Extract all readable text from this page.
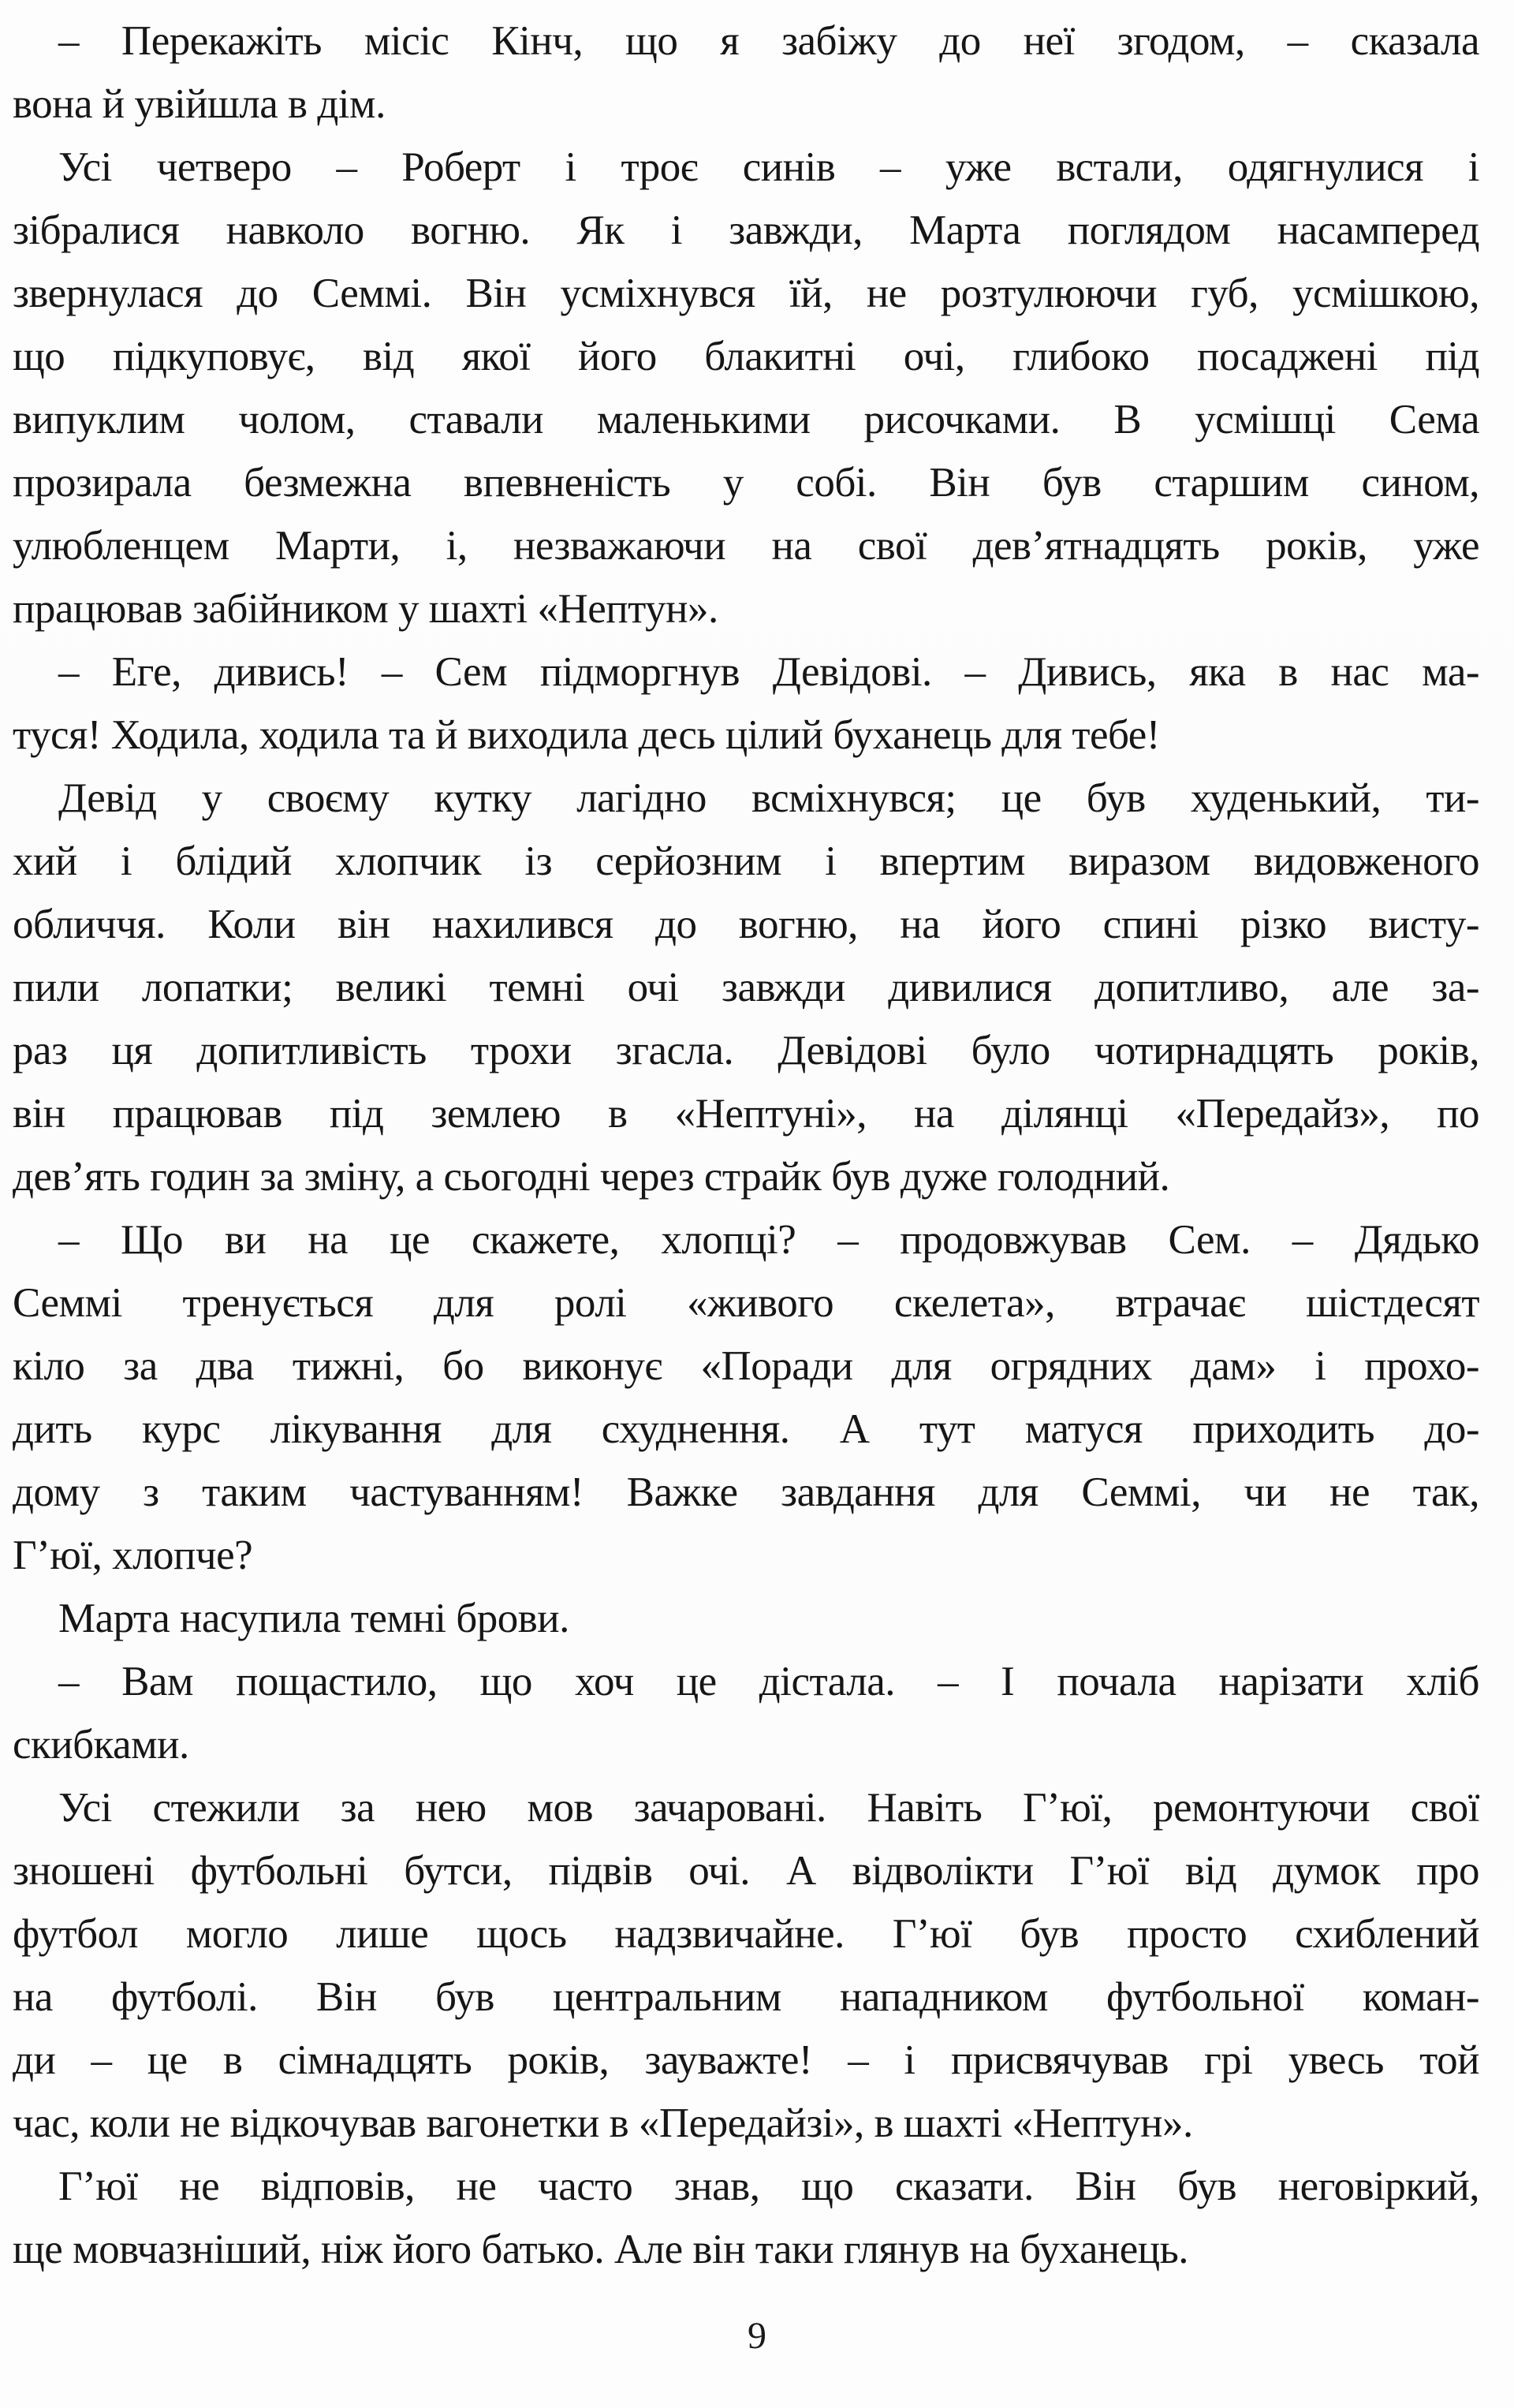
– Перекажіть місіс Кінч, що я забіжу до неї згодом, – сказала
вона й увійшла в дім.
Усі четверо – Роберт і троє синів – уже встали, одягнулися і
зібралися навколо вогню. Як і завжди, Марта поглядом насамперед
звернулася до Семмі. Він усміхнувся їй, не розтулюючи губ, усмішкою,
що підкуповує, від якої його блакитні очі, глибоко посаджені під
випуклим чолом, ставали маленькими рисочками. В усмішці Сема
прозирала безмежна впевненість у собі. Він був старшим сином,
улюбленцем Марти, і, незважаючи на свої дев’ятнадцять років, уже
працював забійником у шахті «Нептун».
– Еге, дивись! – Сем підморгнув Девідові. – Дивись, яка в нас ма-
туся! Ходила, ходила та й виходила десь цілий буханець для тебе!
Девід у своєму кутку лагідно всміхнувся; це був худенький, ти-
хий і блідий хлопчик із серйозним і впертим виразом видовженого
обличчя. Коли він нахилився до вогню, на його спині різко висту-
пили лопатки; великі темні очі завжди дивилися допитливо, але за-
раз ця допитливість трохи згасла. Девідові було чотирнадцять років,
він працював під землею в «Нептуні», на ділянці «Передайз», по
дев’ять годин за зміну, а сьогодні через страйк був дуже голодний.
– Що ви на це скажете, хлопці? – продовжував Сем. – Дядько
Семмі тренується для ролі «живого скелета», втрачає шістдесят
кіло за два тижні, бо виконує «Поради для огрядних дам» і прохо-
дить курс лікування для схуднення. А тут матуся приходить до-
дому з таким частуванням! Важке завдання для Семмі, чи не так,
Г’юї, хлопче?
Марта насупила темні брови.
– Вам пощастило, що хоч це дістала. – І почала нарізати хліб
скибками.
Усі стежили за нею мов зачаровані. Навіть Г’юї, ремонтуючи свої
зношені футбольні бутси, підвів очі. А відволікти Г’юї від думок про
футбол могло лише щось надзвичайне. Г’юї був просто схиблений
на футболі. Він був центральним нападником футбольної коман-
ди – це в сімнадцять років, зауважте! – і присвячував грі увесь той
час, коли не відкочував вагонетки в «Передайзі», в шахті «Нептун».
Г’юї не відповів, не часто знав, що сказати. Він був неговіркий,
ще мовчазніший, ніж його батько. Але він таки глянув на буханець.
9
